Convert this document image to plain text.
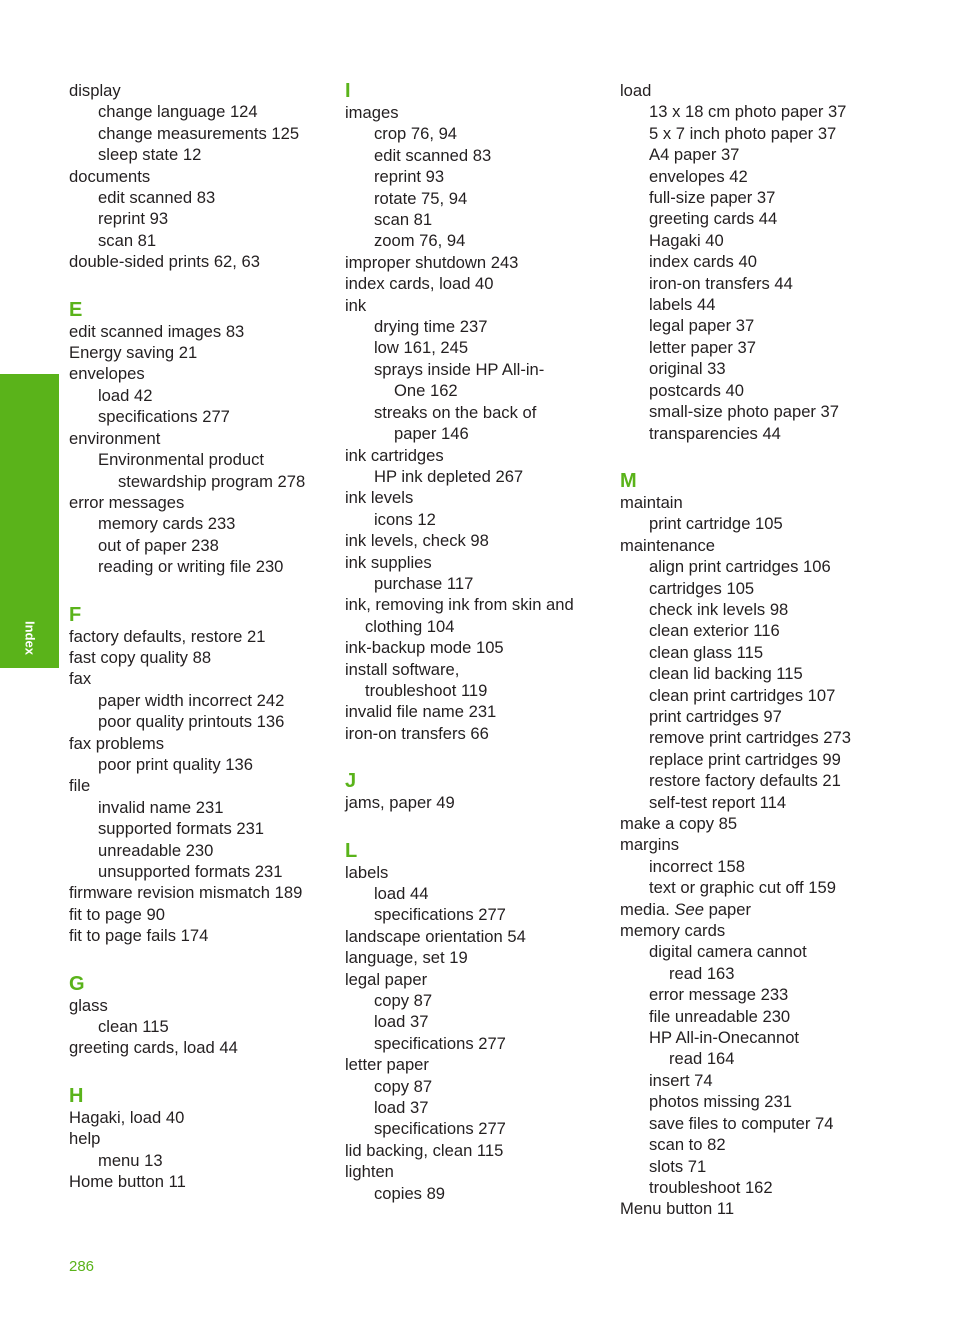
Index
display
change language 124
change measurements 125
sleep state 12
documents
edit scanned 83
reprint 93
scan 81
double-sided prints 62, 63
E
edit scanned images 83
Energy saving 21
envelopes
load 42
specifications 277
environment
Environmental product
stewardship program 278
error messages
memory cards 233
out of paper 238
reading or writing file 230
F
factory defaults, restore 21
fast copy quality 88
fax
paper width incorrect 242
poor quality printouts 136
fax problems
poor print quality 136
file
invalid name 231
supported formats 231
unreadable 230
unsupported formats 231
firmware revision mismatch 189
fit to page 90
fit to page fails 174
G
glass
clean 115
greeting cards, load 44
H
Hagaki, load 40
help
menu 13
Home button 11
I
images
crop 76, 94
edit scanned 83
reprint 93
rotate 75, 94
scan 81
zoom 76, 94
improper shutdown 243
index cards, load 40
ink
drying time 237
low 161, 245
sprays inside HP All-in-
One 162
streaks on the back of
paper 146
ink cartridges
HP ink depleted 267
ink levels
icons 12
ink levels, check 98
ink supplies
purchase 117
ink, removing ink from skin and
clothing 104
ink-backup mode 105
install software,
troubleshoot 119
invalid file name 231
iron-on transfers 66
J
jams, paper 49
L
labels
load 44
specifications 277
landscape orientation 54
language, set 19
legal paper
copy 87
load 37
specifications 277
letter paper
copy 87
load 37
specifications 277
lid backing, clean 115
lighten
copies 89
load
13 x 18 cm photo paper 37
5 x 7 inch photo paper 37
A4 paper 37
envelopes 42
full-size paper 37
greeting cards 44
Hagaki 40
index cards 40
iron-on transfers 44
labels 44
legal paper 37
letter paper 37
original 33
postcards 40
small-size photo paper 37
transparencies 44
M
maintain
print cartridge 105
maintenance
align print cartridges 106
cartridges 105
check ink levels 98
clean exterior 116
clean glass 115
clean lid backing 115
clean print cartridges 107
print cartridges 97
remove print cartridges 273
replace print cartridges 99
restore factory defaults 21
self-test report 114
make a copy 85
margins
incorrect 158
text or graphic cut off 159
media. See paper
memory cards
digital camera cannot
read 163
error message 233
file unreadable 230
HP All-in-Onecannot
read 164
insert 74
photos missing 231
save files to computer 74
scan to 82
slots 71
troubleshoot 162
Menu button 11
286
